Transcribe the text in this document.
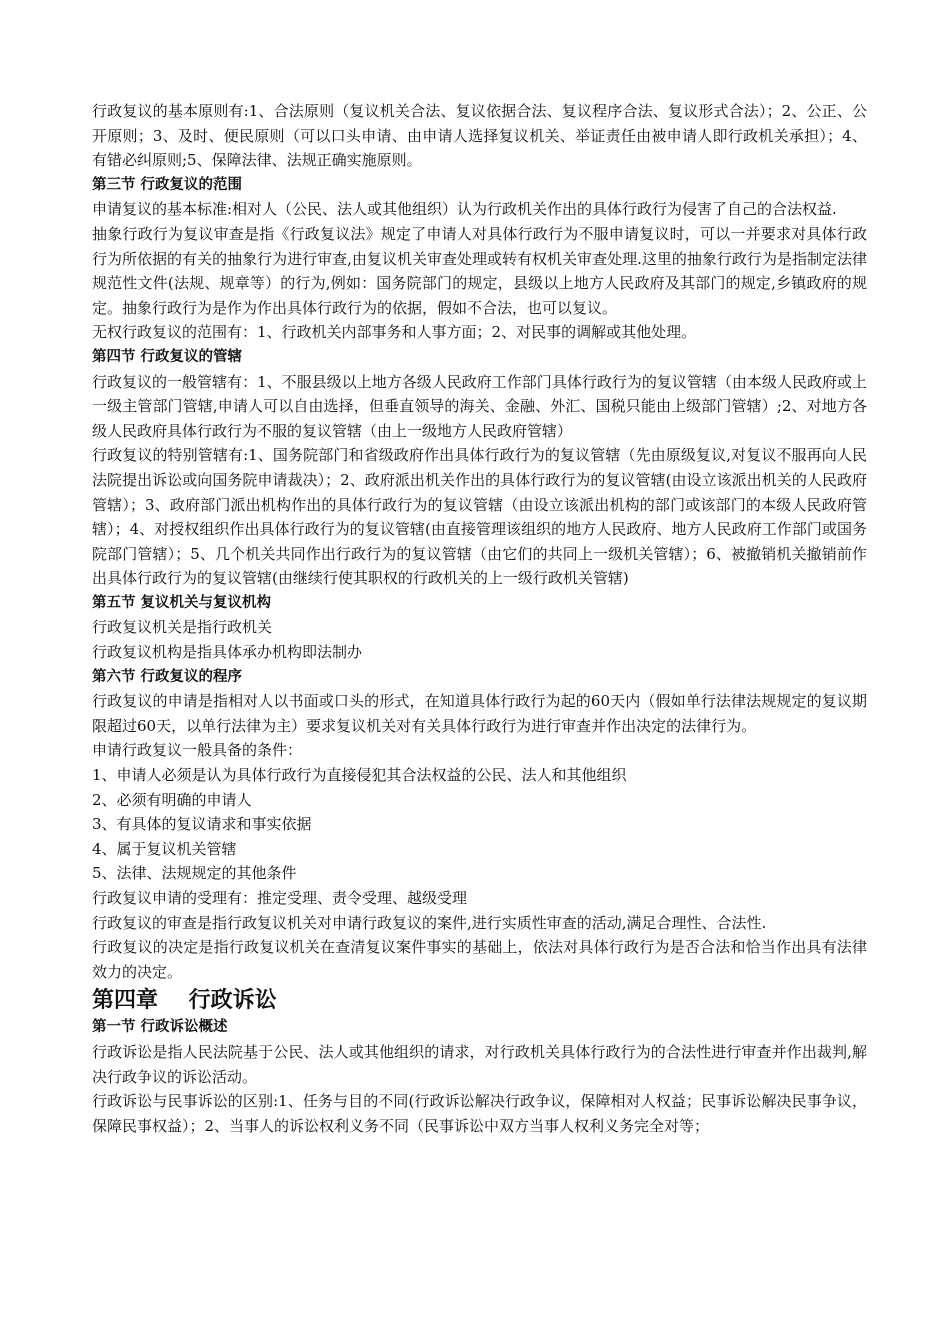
行政复议的基本原则有:1、合法原则（复议机关合法、复议依据合法、复议程序合法、复议形式合法）；2、公正、公开原则；3、及时、便民原则（可以口头申请、由申请人选择复议机关、举证责任由被申请人即行政机关承担）；4、有错必纠原则;5、保障法律、法规正确实施原则。

第三节 行政复议的范围

申请复议的基本标准:相对人（公民、法人或其他组织）认为行政机关作出的具体行政行为侵害了自己的合法权益.

抽象行政行为复议审查是指《行政复议法》规定了申请人对具体行政行为不服申请复议时，可以一并要求对具体行政行为所依据的有关的抽象行为进行审查,由复议机关审查处理或转有权机关审查处理.这里的抽象行政行为是指制定法律规范性文件(法规、规章等）的行为,例如：国务院部门的规定，县级以上地方人民政府及其部门的规定,乡镇政府的规定。抽象行政行为是作为作出具体行政行为的依据，假如不合法，也可以复议。

无权行政复议的范围有：1、行政机关内部事务和人事方面；2、对民事的调解或其他处理。

第四节 行政复议的管辖

行政复议的一般管辖有：1、不服县级以上地方各级人民政府工作部门具体行政行为的复议管辖（由本级人民政府或上一级主管部门管辖,申请人可以自由选择，但垂直领导的海关、金融、外汇、国税只能由上级部门管辖）;2、对地方各级人民政府具体行政行为不服的复议管辖（由上一级地方人民政府管辖）

行政复议的特别管辖有:1、国务院部门和省级政府作出具体行政行为的复议管辖（先由原级复议,对复议不服再向人民法院提出诉讼或向国务院申请裁决）；2、政府派出机关作出的具体行政行为的复议管辖(由设立该派出机关的人民政府管辖）；3、政府部门派出机构作出的具体行政行为的复议管辖（由设立该派出机构的部门或该部门的本级人民政府管辖）；4、对授权组织作出具体行政行为的复议管辖(由直接管理该组织的地方人民政府、地方人民政府工作部门或国务院部门管辖）；5、几个机关共同作出行政行为的复议管辖（由它们的共同上一级机关管辖）；6、被撤销机关撤销前作出具体行政行为的复议管辖(由继续行使其职权的行政机关的上一级行政机关管辖)

第五节 复议机关与复议机构

行政复议机关是指行政机关

行政复议机构是指具体承办机构即法制办

第六节 行政复议的程序

行政复议的申请是指相对人以书面或口头的形式，在知道具体行政行为起的60天内（假如单行法律法规规定的复议期限超过60天，以单行法律为主）要求复议机关对有关具体行政行为进行审查并作出决定的法律行为。

申请行政复议一般具备的条件：

1、申请人必须是认为具体行政行为直接侵犯其合法权益的公民、法人和其他组织

2、必须有明确的申请人

3、有具体的复议请求和事实依据

4、属于复议机关管辖

5、法律、法规规定的其他条件

行政复议申请的受理有：推定受理、责令受理、越级受理

行政复议的审查是指行政复议机关对申请行政复议的案件,进行实质性审查的活动,满足合理性、合法性.

行政复议的决定是指行政复议机关在查清复议案件事实的基础上，依法对具体行政行为是否合法和恰当作出具有法律效力的决定。

第四章    行政诉讼
第一节 行政诉讼概述

行政诉讼是指人民法院基于公民、法人或其他组织的请求，对行政机关具体行政行为的合法性进行审查并作出裁判,解决行政争议的诉讼活动。

行政诉讼与民事诉讼的区别:1、任务与目的不同(行政诉讼解决行政争议，保障相对人权益；民事诉讼解决民事争议，保障民事权益）；2、当事人的诉讼权利义务不同（民事诉讼中双方当事人权利义务完全对等；
